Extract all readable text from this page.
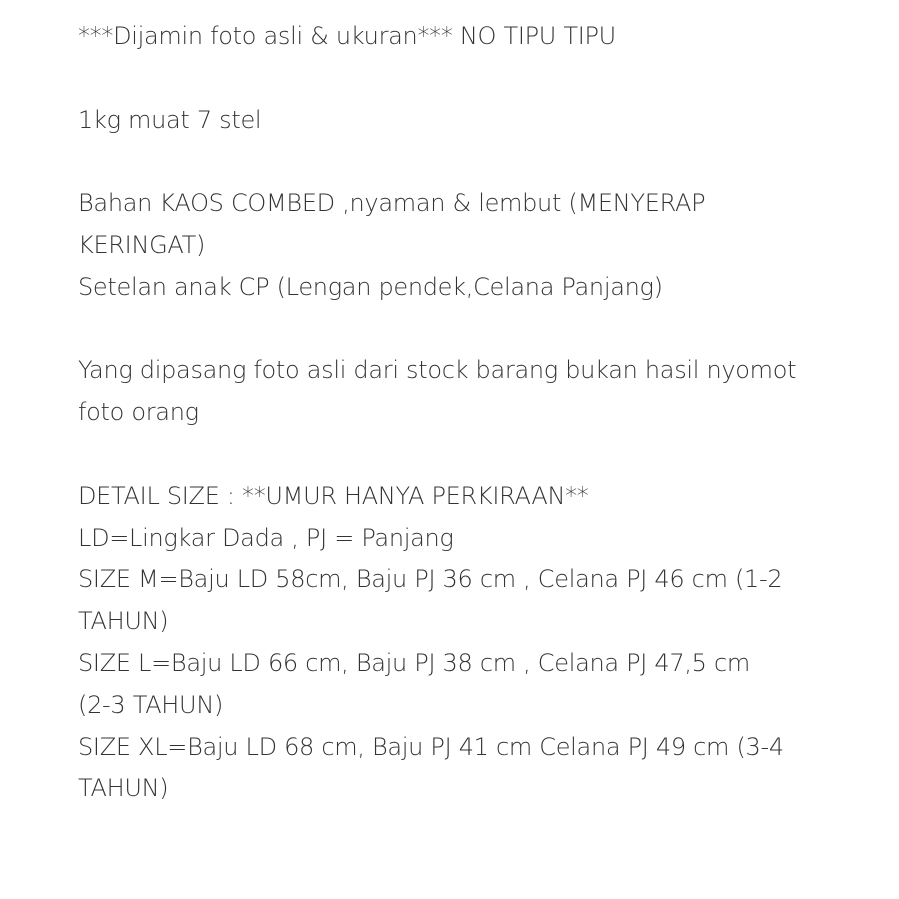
***Dijamin foto asli & ukuran*** NO TIPU TIPU
1kg muat 7 stel
Bahan KAOS COMBED ,nyaman & lembut (MENYERAP
KERINGAT)
Setelan anak CP (Lengan pendek,Celana Panjang)
Yang dipasang foto asli dari stock barang bukan hasil nyomot
foto orang
DETAIL SIZE : **UMUR HANYA PERKIRAAN**
LD=Lingkar Dada , PJ = Panjang
SIZE M=Baju LD 58cm, Baju PJ 36 cm , Celana PJ 46 cm (1-2
TAHUN)
SIZE L=Baju LD 66 cm, Baju PJ 38 cm , Celana PJ 47,5 cm
(2-3 TAHUN)
SIZE XL=Baju LD 68 cm, Baju PJ 41 cm Celana PJ 49 cm (3-4
TAHUN)
